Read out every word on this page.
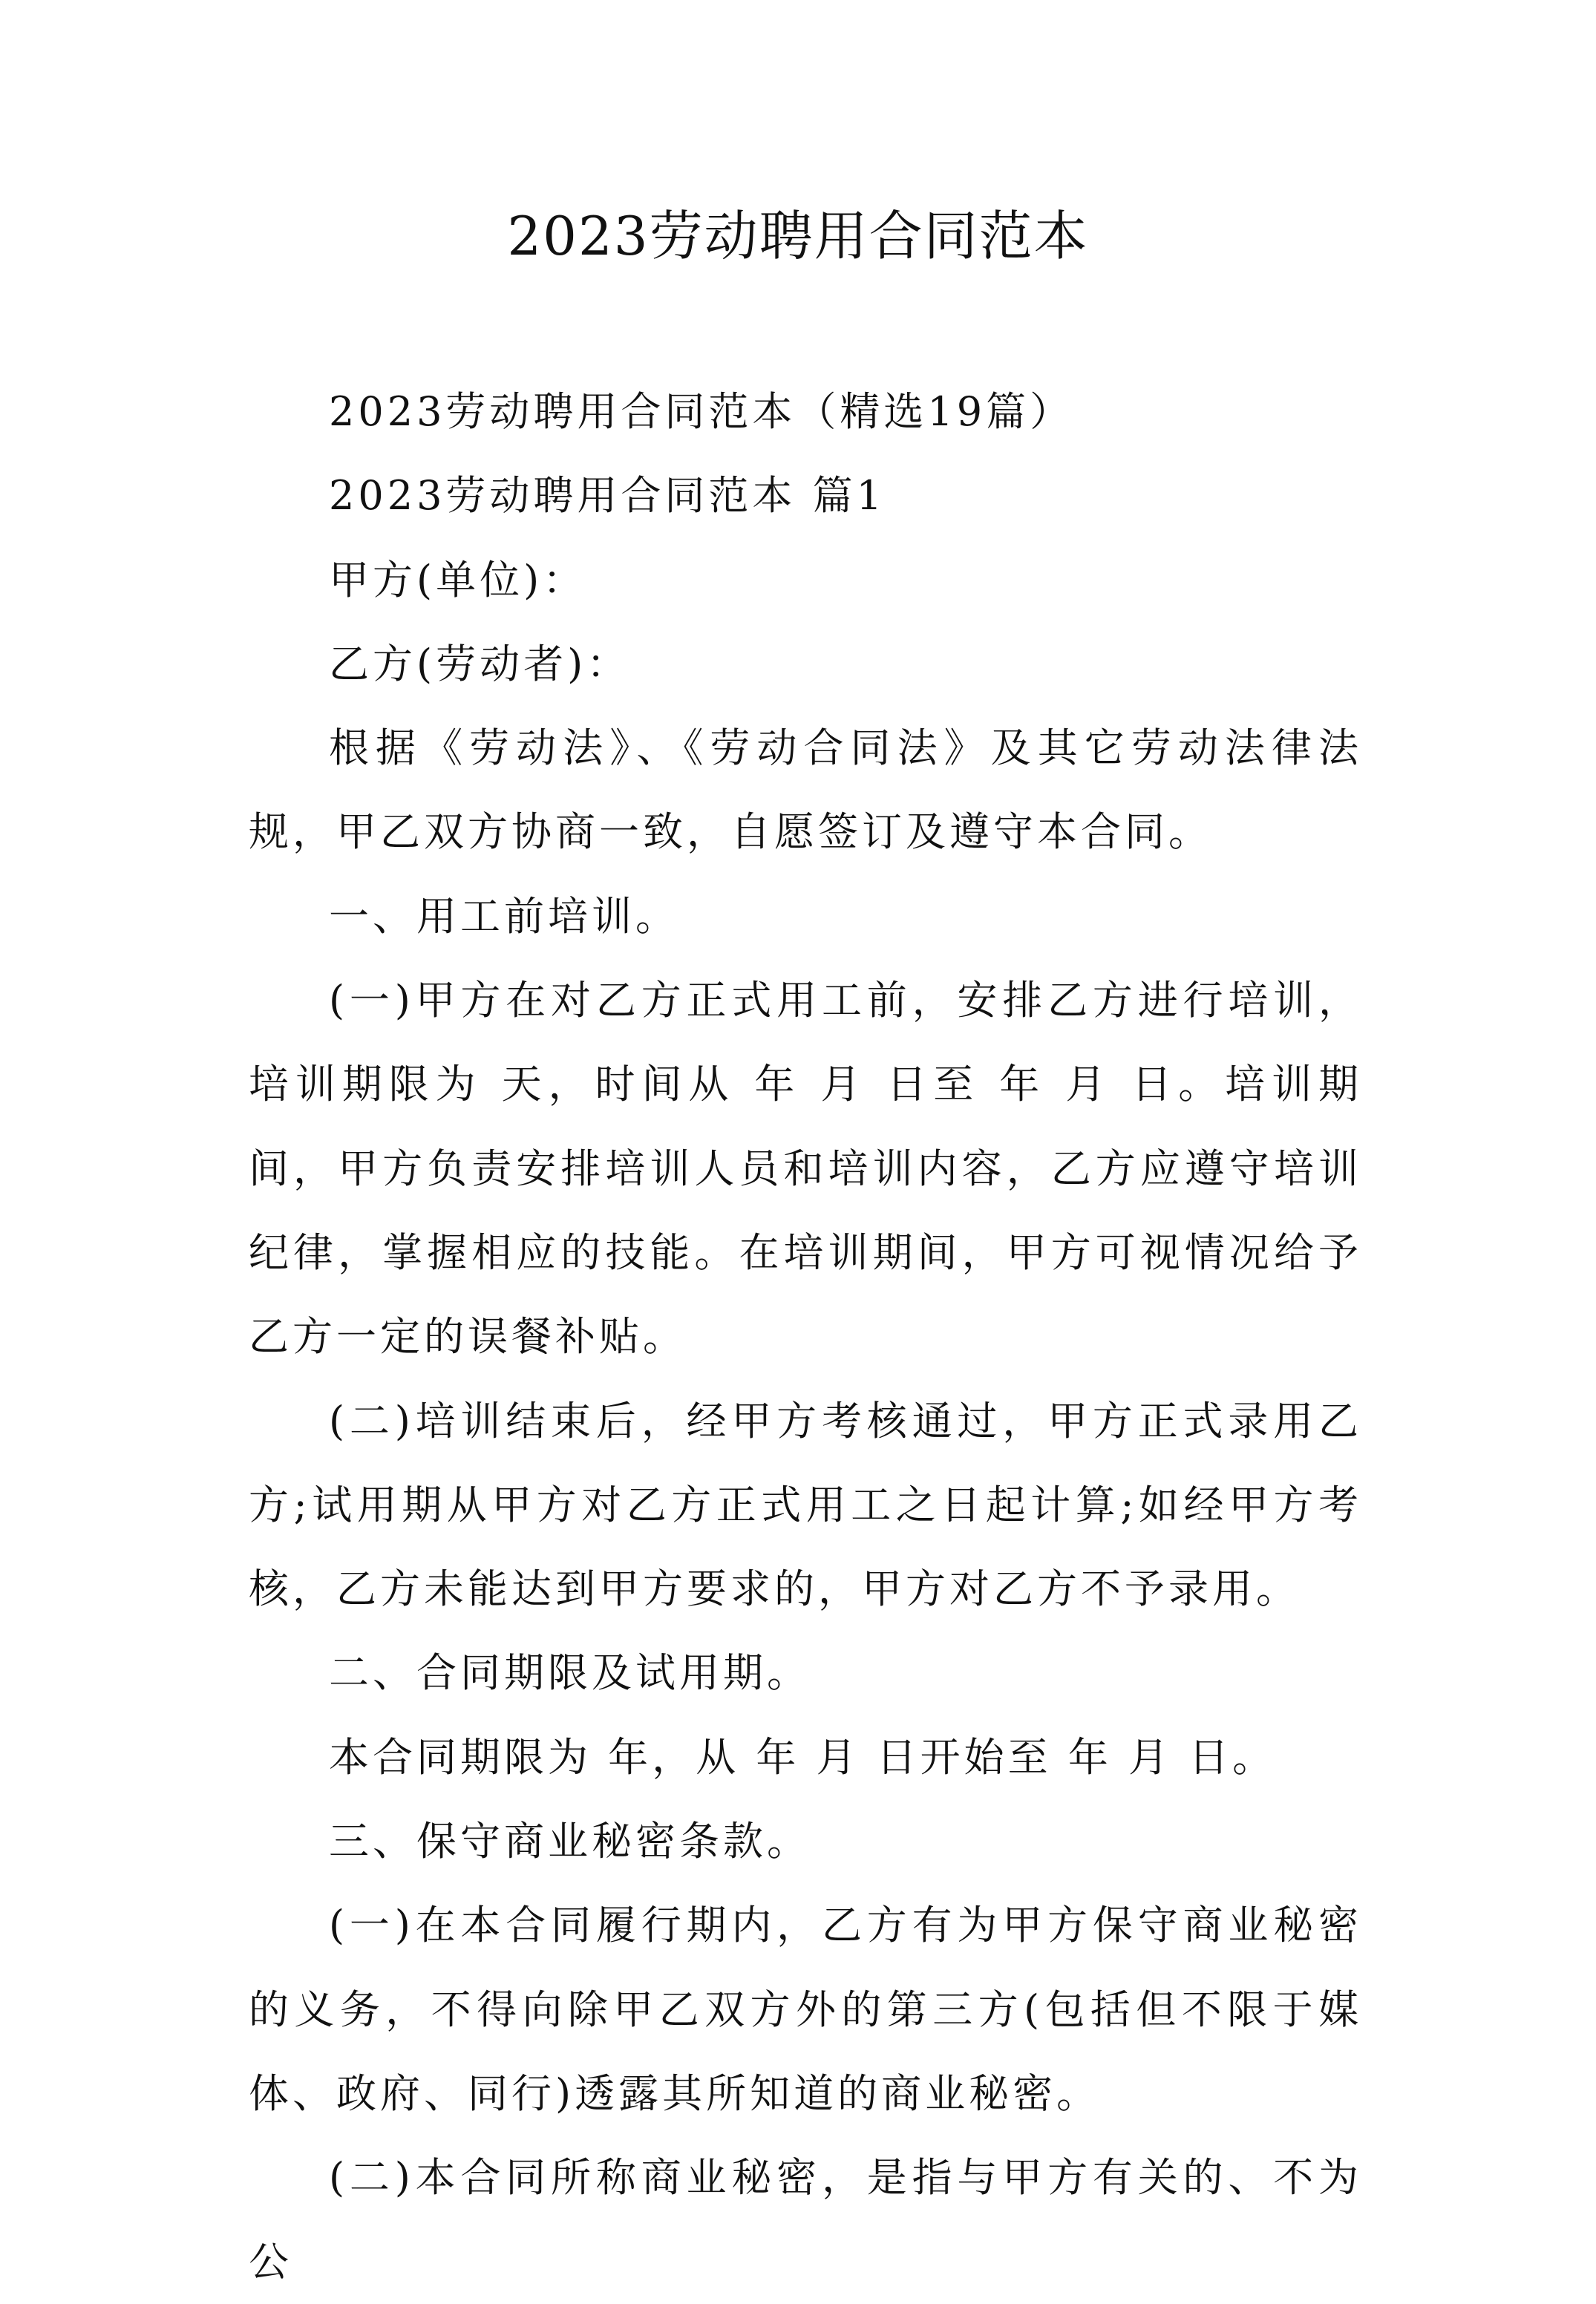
2023劳动聘用合同范本

2023劳动聘用合同范本（精选19篇）

2023劳动聘用合同范本 篇1

甲方(单位)：

乙方(劳动者)：

根据《劳动法》、《劳动合同法》及其它劳动法律法规，甲乙双方协商一致，自愿签订及遵守本合同。

一、用工前培训。

(一)甲方在对乙方正式用工前，安排乙方进行培训，培训期限为 天，时间从 年 月 日至 年 月 日。培训期间，甲方负责安排培训人员和培训内容，乙方应遵守培训纪律，掌握相应的技能。在培训期间，甲方可视情况给予乙方一定的误餐补贴。

(二)培训结束后，经甲方考核通过，甲方正式录用乙方;试用期从甲方对乙方正式用工之日起计算;如经甲方考核，乙方未能达到甲方要求的，甲方对乙方不予录用。

二、合同期限及试用期。

本合同期限为 年，从 年 月 日开始至 年 月 日。

三、保守商业秘密条款。

(一)在本合同履行期内，乙方有为甲方保守商业秘密的义务，不得向除甲乙双方外的第三方(包括但不限于媒体、政府、同行)透露其所知道的商业秘密。

(二)本合同所称商业秘密，是指与甲方有关的、不为公
